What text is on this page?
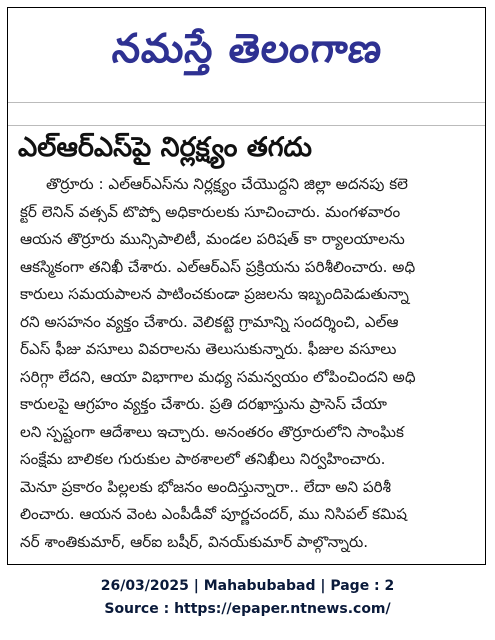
నమస్తే తెలంగాణ
ఎల్‌ఆర్‌ఎస్‌పై నిర్లక్ష్యం తగదు
తొర్రూరు : ఎల్‌ఆర్‌ఎస్‌ను నిర్లక్ష్యం చేయొద్దని జిల్లా అదనపు కలె
క్టర్ లెనిన్ వత్సవ్ టొప్పో అధికారులకు సూచించారు. మంగళవారం
ఆయన తొర్రూరు మున్సిపాలిటీ, మండల పరిషత్ కా ర్యాలయాలను
ఆకస్మికంగా తనిఖీ చేశారు. ఎల్‌ఆర్‌ఎస్ ప్రక్రియను పరిశీలించారు. అధి
కారులు సమయపాలన పాటించకుండా ప్రజలను ఇబ్బందిపెడుతున్నా
రని అసహనం వ్యక్తం చేశారు. వెలికట్టె గ్రామాన్ని సందర్శించి, ఎల్‌ఆ
ర్‌ఎస్ ఫీజు వసూలు వివరాలను తెలుసుకున్నారు. ఫీజుల వసూలు
సరిగ్గా లేదని, ఆయా విభాగాల మధ్య సమన్వయం లోపించిందని అధి
కారులపై ఆగ్రహం వ్యక్తం చేశారు. ప్రతి దరఖాస్తును ప్రాసెస్ చేయా
లని స్పష్టంగా ఆదేశాలు ఇచ్చారు. అనంతరం తొర్రూరులోని సాంఘిక
సంక్షేమ బాలికల గురుకుల పాఠశాలలో తనిఖీలు నిర్వహించారు.
మెనూ ప్రకారం పిల్లలకు భోజనం అందిస్తున్నారా.. లేదా అని పరిశీ
లించారు. ఆయన వెంట ఎంపీడీవో పూర్ణచందర్, ము నిసిపల్ కమిష
నర్ శాంతికుమార్, ఆర్‌ఐ బషీర్, వినయ్‌కుమార్ పాల్గొన్నారు.
26/03/2025 | Mahabubabad | Page : 2
Source : https://epaper.ntnews.com/
